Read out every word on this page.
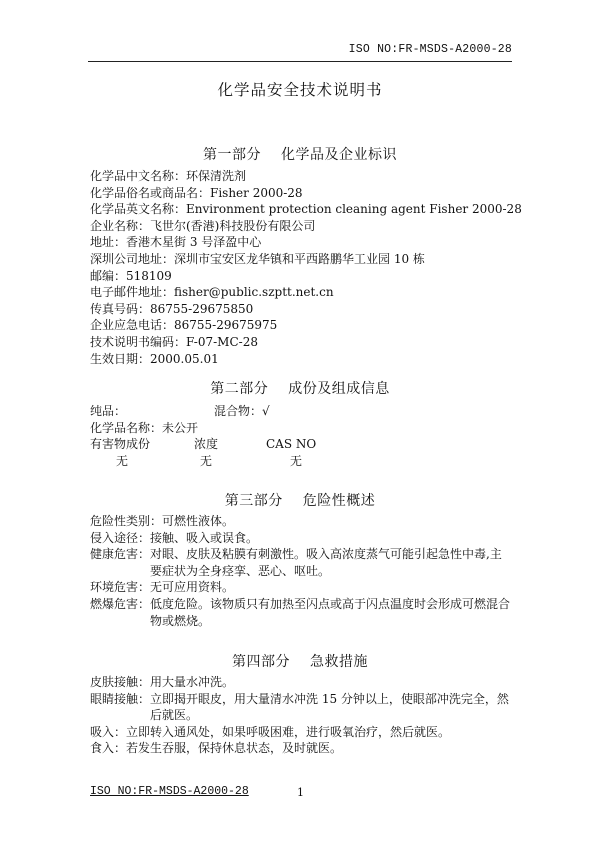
ISO NO:FR-MSDS-A2000-28
化学品安全技术说明书
第一部分 化学品及企业标识
化学品中文名称：环保清洗剂
化学品俗名或商品名：Fisher 2000-28
化学品英文名称：Environment protection cleaning agent Fisher 2000-28
企业名称：飞世尔(香港)科技股份有限公司
地址：香港木星街 3 号泽盈中心
深圳公司地址：深圳市宝安区龙华镇和平西路鹏华工业园 10 栋
邮编：518109
电子邮件地址：fisher@public.szptt.net.cn
传真号码：86755-29675850
企业应急电话：86755-29675975
技术说明书编码：F-07-MC-28
生效日期：2000.05.01
第二部分 成份及组成信息
纯品：	混合物：√
化学品名称：未公开
有害物成份	浓度	CAS NO
无	无	无
第三部分 危险性概述
危险性类别：可燃性液体。
侵入途径：接触、吸入或误食。
健康危害：对眼、皮肤及粘膜有刺激性。吸入高浓度蒸气可能引起急性中毒,主
要症状为全身痉挛、恶心、呕吐。
环境危害：无可应用资料。
燃爆危害：低度危险。该物质只有加热至闪点或高于闪点温度时会形成可燃混合
物或燃烧。
第四部分 急救措施
皮肤接触：用大量水冲洗。
眼睛接触：立即揭开眼皮，用大量清水冲洗 15 分钟以上，使眼部冲洗完全，然
后就医。
吸入：立即转入通风处，如果呼吸困难，进行吸氧治疗，然后就医。
食入：若发生吞服，保持休息状态，及时就医。
ISO NO:FR-MSDS-A2000-28	1
